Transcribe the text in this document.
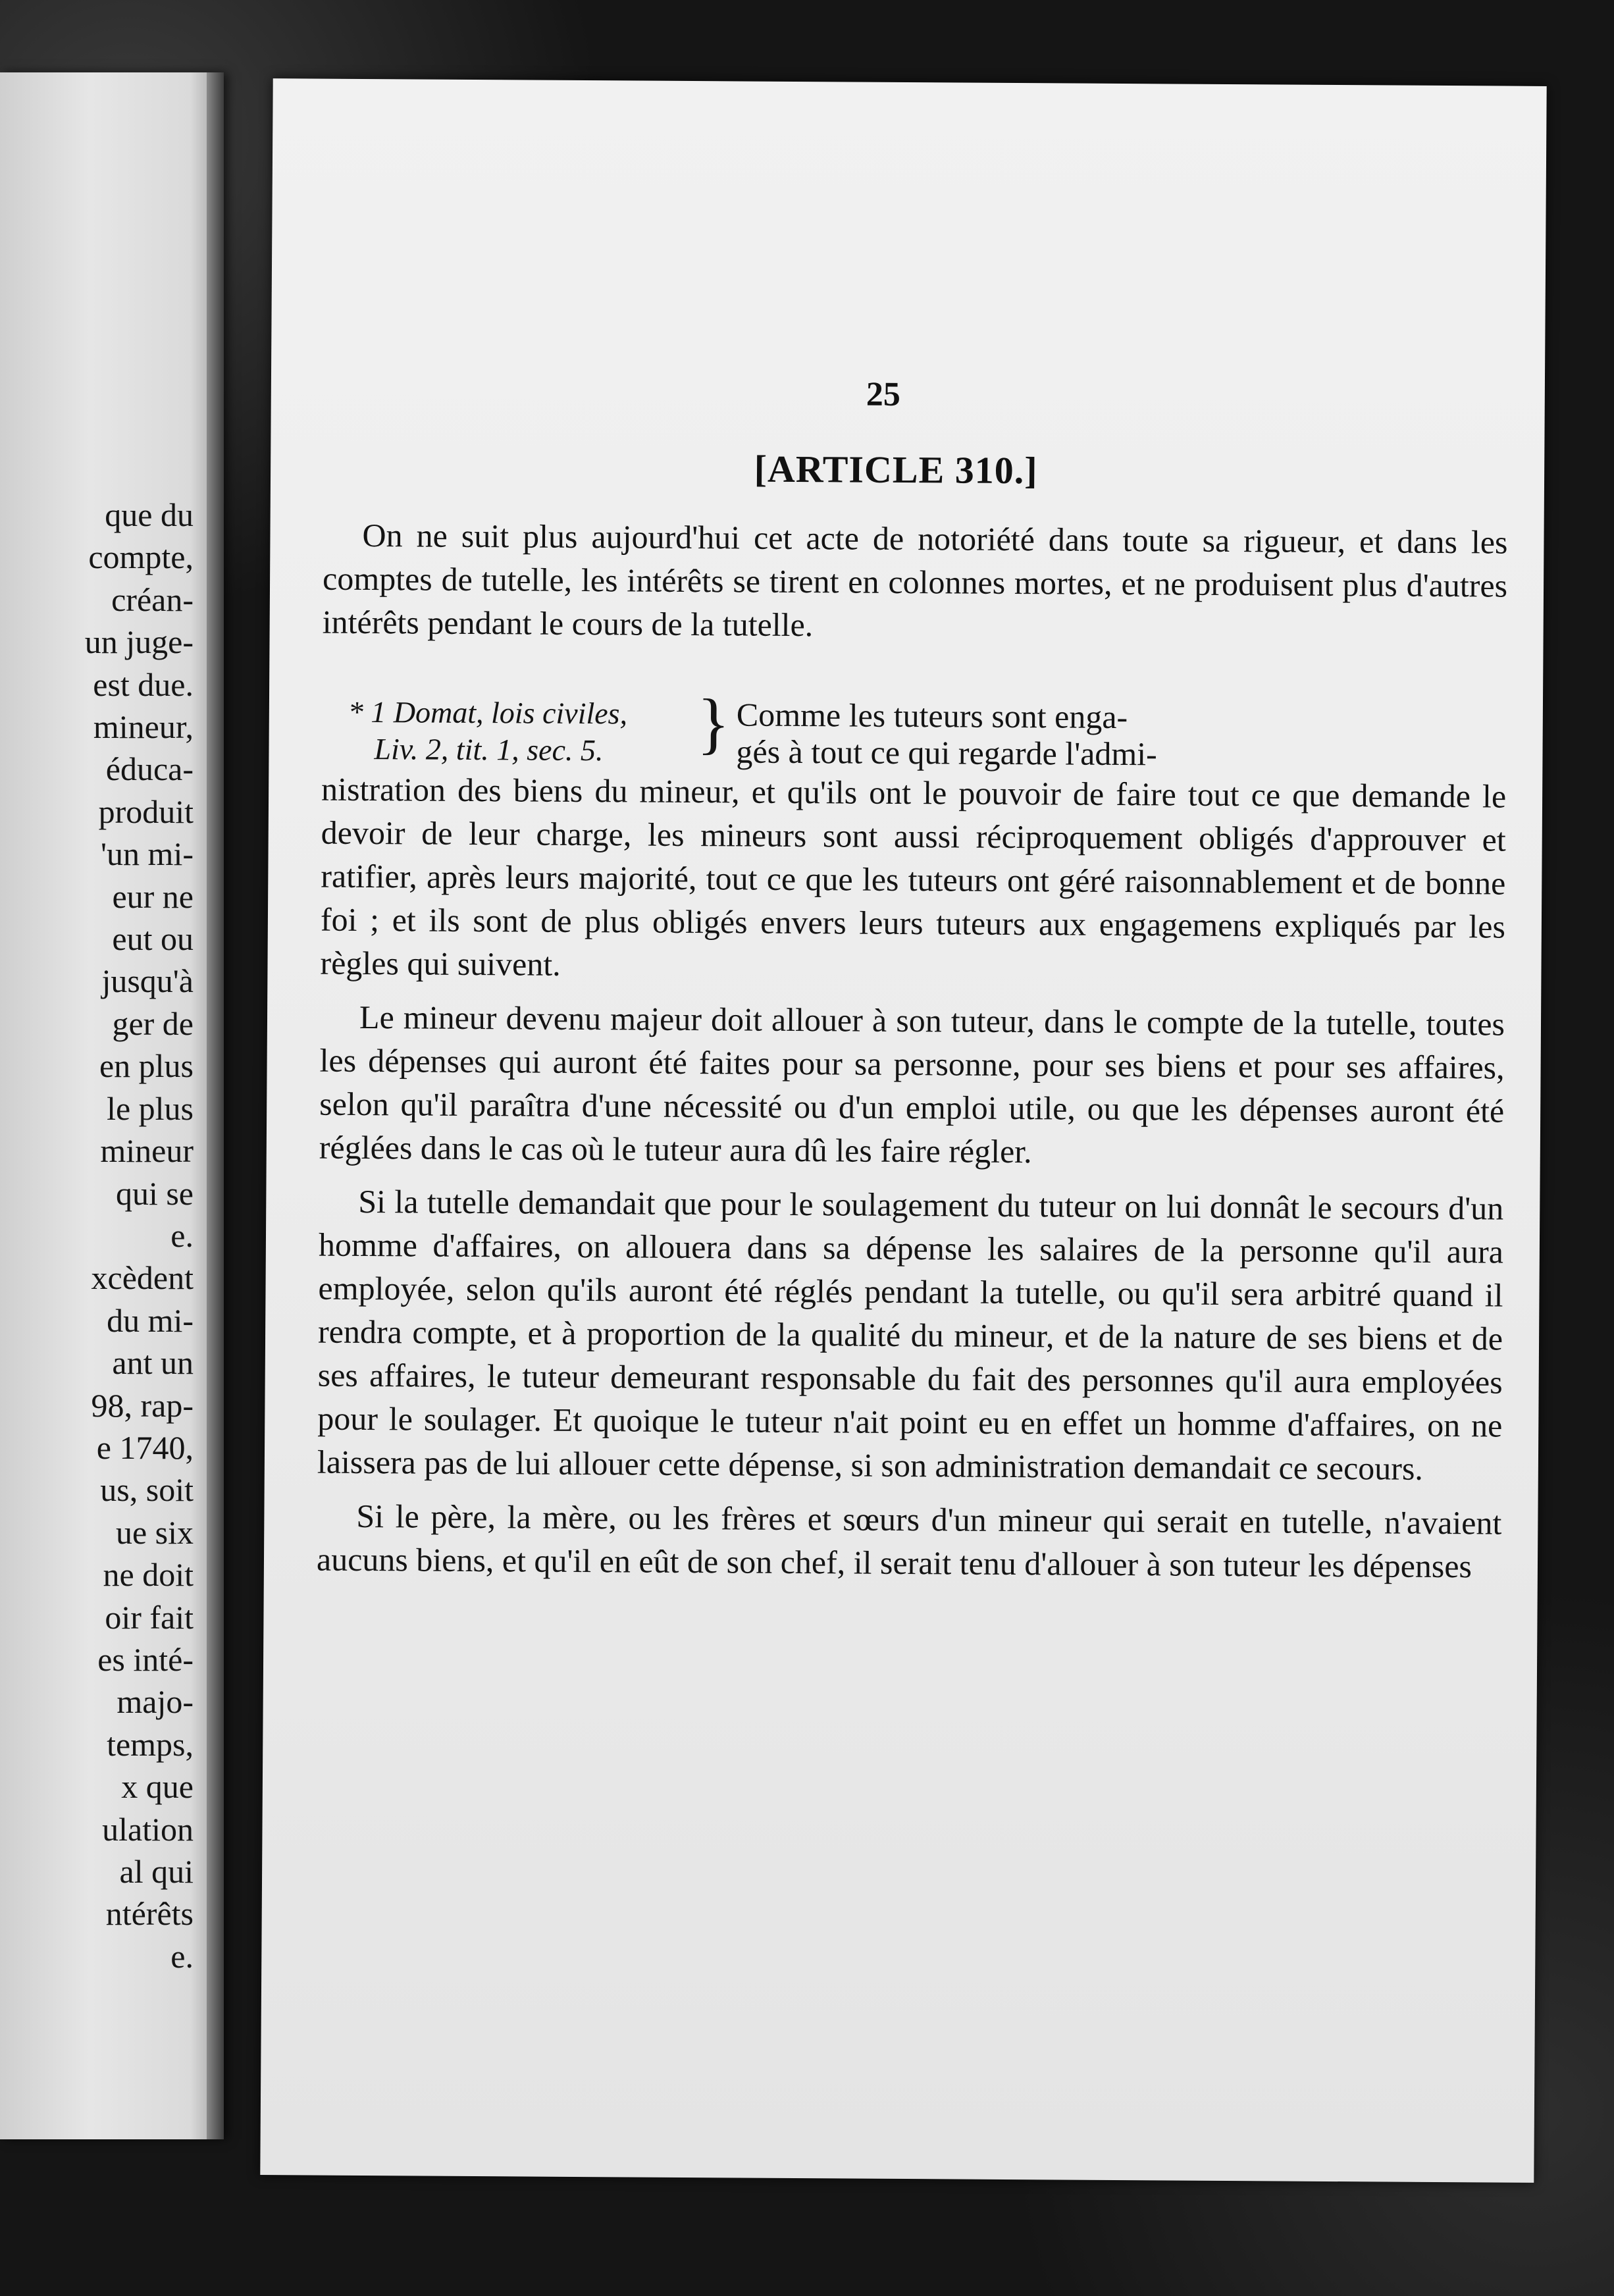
que du
compte,
créan-
un juge-
est due.
mineur,
éduca-
produit
'un mi-
eur ne
eut ou
jusqu'à
ger de
en plus
le plus
mineur
qui se
e.
xcèdent
du mi-
ant un
98, rap-
e 1740,
us, soit
ue six
ne doit
oir fait
es inté-
majo-
temps,
x que
ulation
al qui
ntérêts
e.
25
[ARTICLE 310.]

On ne suit plus aujourd'hui cet acte de notoriété dans toute sa rigueur, et dans les comptes de tutelle, les intérêts se tirent en colonnes mortes, et ne produisent plus d'autres intérêts pendant le cours de la tutelle.

* 1 Domat, lois civiles,
Liv. 2, tit. 1, sec. 5.	} Comme les tuteurs sont enga-
gés à tout ce qui regarde l'admi-

nistration des biens du mineur, et qu'ils ont le pouvoir de faire tout ce que demande le devoir de leur charge, les mineurs sont aussi réciproquement obligés d'approuver et ratifier, après leurs majorité, tout ce que les tuteurs ont géré raisonnablement et de bonne foi ; et ils sont de plus obligés envers leurs tuteurs aux engagemens expliqués par les règles qui suivent.

Le mineur devenu majeur doit allouer à son tuteur, dans le compte de la tutelle, toutes les dépenses qui auront été faites pour sa personne, pour ses biens et pour ses affaires, selon qu'il paraîtra d'une nécessité ou d'un emploi utile, ou que les dépenses auront été réglées dans le cas où le tuteur aura dû les faire régler.

Si la tutelle demandait que pour le soulagement du tuteur on lui donnât le secours d'un homme d'affaires, on allouera dans sa dépense les salaires de la personne qu'il aura employée, selon qu'ils auront été réglés pendant la tutelle, ou qu'il sera arbitré quand il rendra compte, et à proportion de la qualité du mineur, et de la nature de ses biens et de ses affaires, le tuteur demeurant responsable du fait des personnes qu'il aura employées pour le soulager. Et quoique le tuteur n'ait point eu en effet un homme d'affaires, on ne laissera pas de lui allouer cette dépense, si son administration demandait ce secours.

Si le père, la mère, ou les frères et sœurs d'un mineur qui serait en tutelle, n'avaient aucuns biens, et qu'il en eût de son chef, il serait tenu d'allouer à son tuteur les dépenses
